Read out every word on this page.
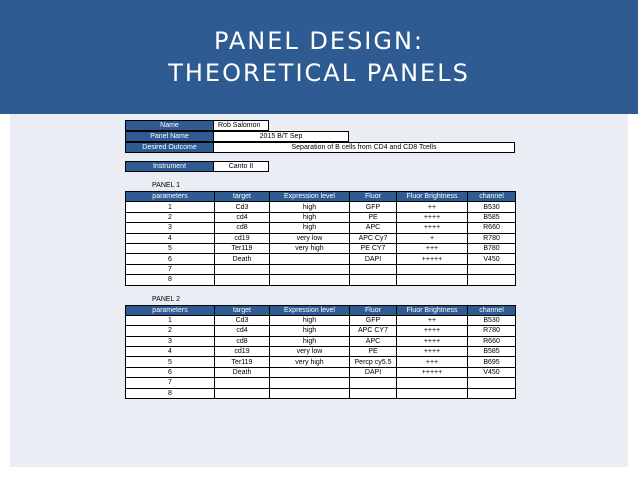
PANEL DESIGN:
THEORETICAL PANELS
Name	Rob Salomon
Panel Name	2015 B/T Sep
Desired Outcome	Separation of B cells from CD4 and CD8 Tcells
Instrument	Canto II
PANEL 1
parameters	target	Expression level	Fluor	Fluor Brightness	channel
1	Cd3	high	GFP	++	B530
2	cd4	high	PE	++++	B585
3	cd8	high	APC	++++	R660
4	cd19	very low	APC Cy7	+	R780
5	Ter119	very high	PE CY7	+++	B780
6	Death		DAPI	+++++	V450
7					
8					
PANEL 2
parameters	target	Expression level	Fluor	Fluor Brightness	channel
1	Cd3	high	GFP	++	B530
2	cd4	high	APC CY7	++++	R780
3	cd8	high	APC	++++	R660
4	cd19	very low	PE	++++	B585
5	Ter119	very high	Percp cy5.5	+++	B695
6	Death		DAPI	+++++	V450
7					
8					
